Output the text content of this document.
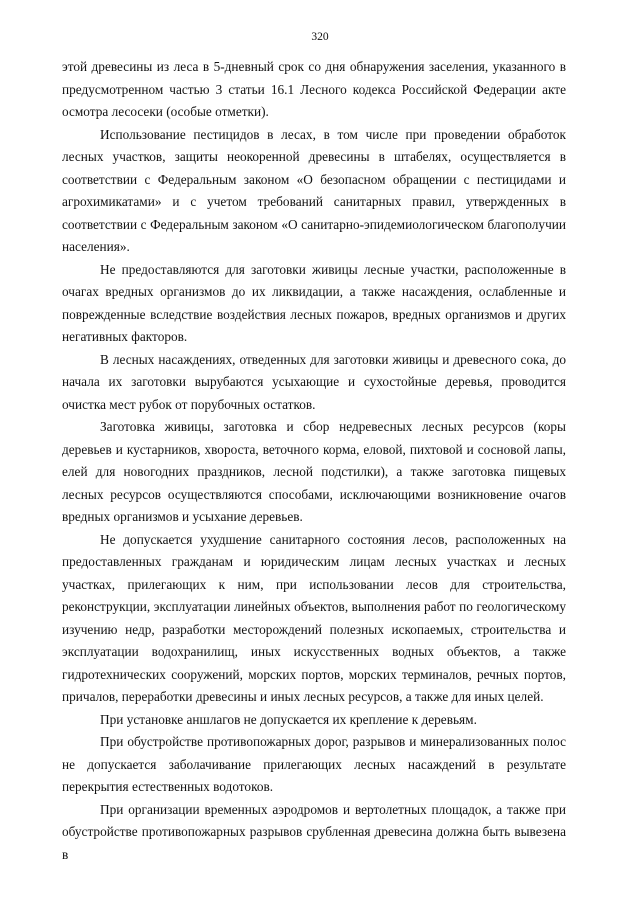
320

этой древесины из леса в 5-дневный срок со дня обнаружения заселения, указанного в предусмотренном частью 3 статьи 16.1 Лесного кодекса Российской Федерации акте осмотра лесосеки (особые отметки).

Использование пестицидов в лесах, в том числе при проведении обработок лесных участков, защиты неокоренной древесины в штабелях, осуществляется в соответствии с Федеральным законом «О безопасном обращении с пестицидами и агрохимикатами» и с учетом требований санитарных правил, утвержденных в соответствии с Федеральным законом «О санитарно-эпидемиологическом благополучии населения».

Не предоставляются для заготовки живицы лесные участки, расположенные в очагах вредных организмов до их ликвидации, а также насаждения, ослабленные и поврежденные вследствие воздействия лесных пожаров, вредных организмов и других негативных факторов.

В лесных насаждениях, отведенных для заготовки живицы и древесного сока, до начала их заготовки вырубаются усыхающие и сухостойные деревья, проводится очистка мест рубок от порубочных остатков.

Заготовка живицы, заготовка и сбор недревесных лесных ресурсов (коры деревьев и кустарников, хвороста, веточного корма, еловой, пихтовой и сосновой лапы, елей для новогодних праздников, лесной подстилки), а также заготовка пищевых лесных ресурсов осуществляются способами, исключающими возникновение очагов вредных организмов и усыхание деревьев.

Не допускается ухудшение санитарного состояния лесов, расположенных на предоставленных гражданам и юридическим лицам лесных участках и лесных участках, прилегающих к ним, при использовании лесов для строительства, реконструкции, эксплуатации линейных объектов, выполнения работ по геологическому изучению недр, разработки месторождений полезных ископаемых, строительства и эксплуатации водохранилищ, иных искусственных водных объектов, а также гидротехнических сооружений, морских портов, морских терминалов, речных портов, причалов, переработки древесины и иных лесных ресурсов, а также для иных целей.

При установке аншлагов не допускается их крепление к деревьям.

При обустройстве противопожарных дорог, разрывов и минерализованных полос не допускается заболачивание прилегающих лесных насаждений в результате перекрытия естественных водотоков.

При организации временных аэродромов и вертолетных площадок, а также при обустройстве противопожарных разрывов срубленная древесина должна быть вывезена в
